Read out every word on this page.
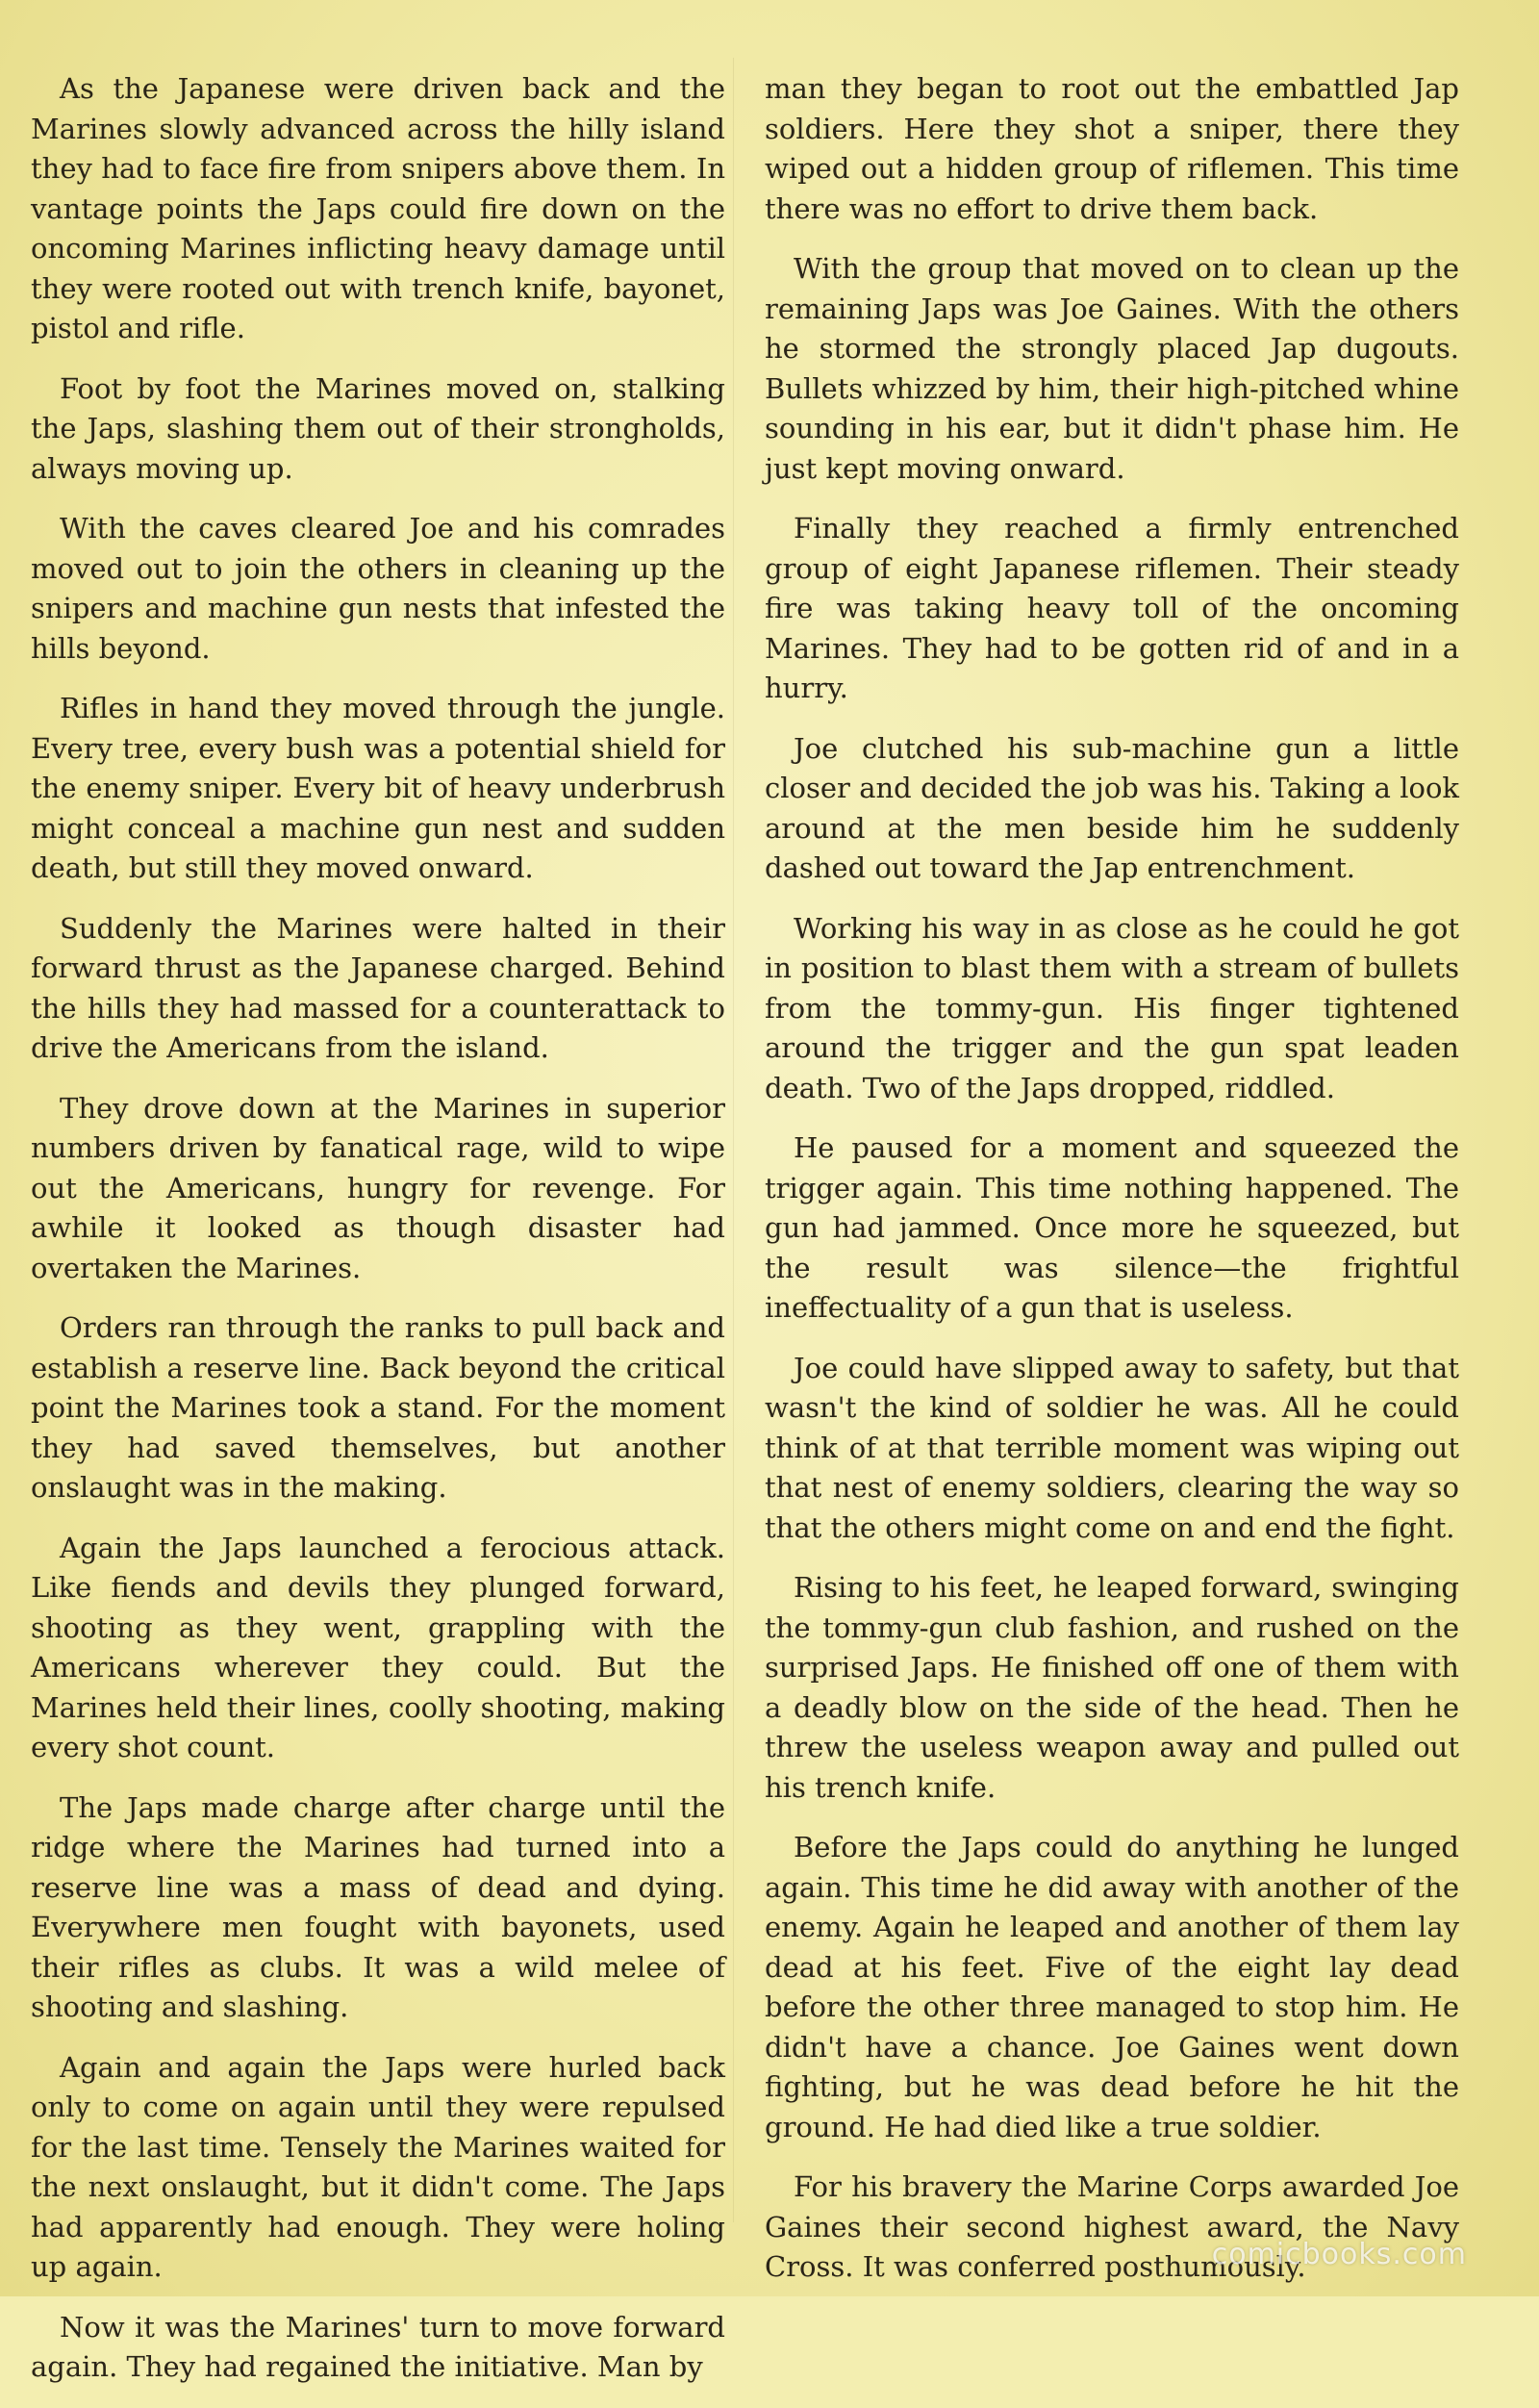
As the Japanese were driven back and the Marines slowly advanced across the hilly island they had to face fire from snipers above them. In vantage points the Japs could fire down on the oncoming Marines inflicting heavy damage until they were rooted out with trench knife, bayonet, pistol and rifle.

Foot by foot the Marines moved on, stalking the Japs, slashing them out of their strongholds, always moving up.

With the caves cleared Joe and his comrades moved out to join the others in cleaning up the snipers and machine gun nests that infested the hills beyond.

Rifles in hand they moved through the jungle. Every tree, every bush was a potential shield for the enemy sniper. Every bit of heavy underbrush might conceal a machine gun nest and sudden death, but still they moved onward.

Suddenly the Marines were halted in their forward thrust as the Japanese charged. Behind the hills they had massed for a counterattack to drive the Americans from the island.

They drove down at the Marines in superior numbers driven by fanatical rage, wild to wipe out the Americans, hungry for revenge. For awhile it looked as though disaster had overtaken the Marines.

Orders ran through the ranks to pull back and establish a reserve line. Back beyond the critical point the Marines took a stand. For the moment they had saved themselves, but another onslaught was in the making.

Again the Japs launched a ferocious attack. Like fiends and devils they plunged forward, shooting as they went, grappling with the Americans wherever they could. But the Marines held their lines, coolly shooting, making every shot count.

The Japs made charge after charge until the ridge where the Marines had turned into a reserve line was a mass of dead and dying. Everywhere men fought with bayonets, used their rifles as clubs. It was a wild melee of shooting and slashing.

Again and again the Japs were hurled back only to come on again until they were repulsed for the last time. Tensely the Marines waited for the next onslaught, but it didn't come. The Japs had apparently had enough. They were holing up again.

Now it was the Marines' turn to move forward again. They had regained the initiative. Man by

man they began to root out the embattled Jap soldiers. Here they shot a sniper, there they wiped out a hidden group of riflemen. This time there was no effort to drive them back.

With the group that moved on to clean up the remaining Japs was Joe Gaines. With the others he stormed the strongly placed Jap dugouts. Bullets whizzed by him, their high-pitched whine sounding in his ear, but it didn't phase him. He just kept moving onward.

Finally they reached a firmly entrenched group of eight Japanese riflemen. Their steady fire was taking heavy toll of the oncoming Marines. They had to be gotten rid of and in a hurry.

Joe clutched his sub-machine gun a little closer and decided the job was his. Taking a look around at the men beside him he suddenly dashed out toward the Jap entrenchment.

Working his way in as close as he could he got in position to blast them with a stream of bullets from the tommy-gun. His finger tightened around the trigger and the gun spat leaden death. Two of the Japs dropped, riddled.

He paused for a moment and squeezed the trigger again. This time nothing happened. The gun had jammed. Once more he squeezed, but the result was silence—the frightful ineffectuality of a gun that is useless.

Joe could have slipped away to safety, but that wasn't the kind of soldier he was. All he could think of at that terrible moment was wiping out that nest of enemy soldiers, clearing the way so that the others might come on and end the fight.

Rising to his feet, he leaped forward, swinging the tommy-gun club fashion, and rushed on the surprised Japs. He finished off one of them with a deadly blow on the side of the head. Then he threw the useless weapon away and pulled out his trench knife.

Before the Japs could do anything he lunged again. This time he did away with another of the enemy. Again he leaped and another of them lay dead at his feet. Five of the eight lay dead before the other three managed to stop him. He didn't have a chance. Joe Gaines went down fighting, but he was dead before he hit the ground. He had died like a true soldier.

For his bravery the Marine Corps awarded Joe Gaines their second highest award, the Navy Cross. It was conferred posthumously.

comicbooks.com
